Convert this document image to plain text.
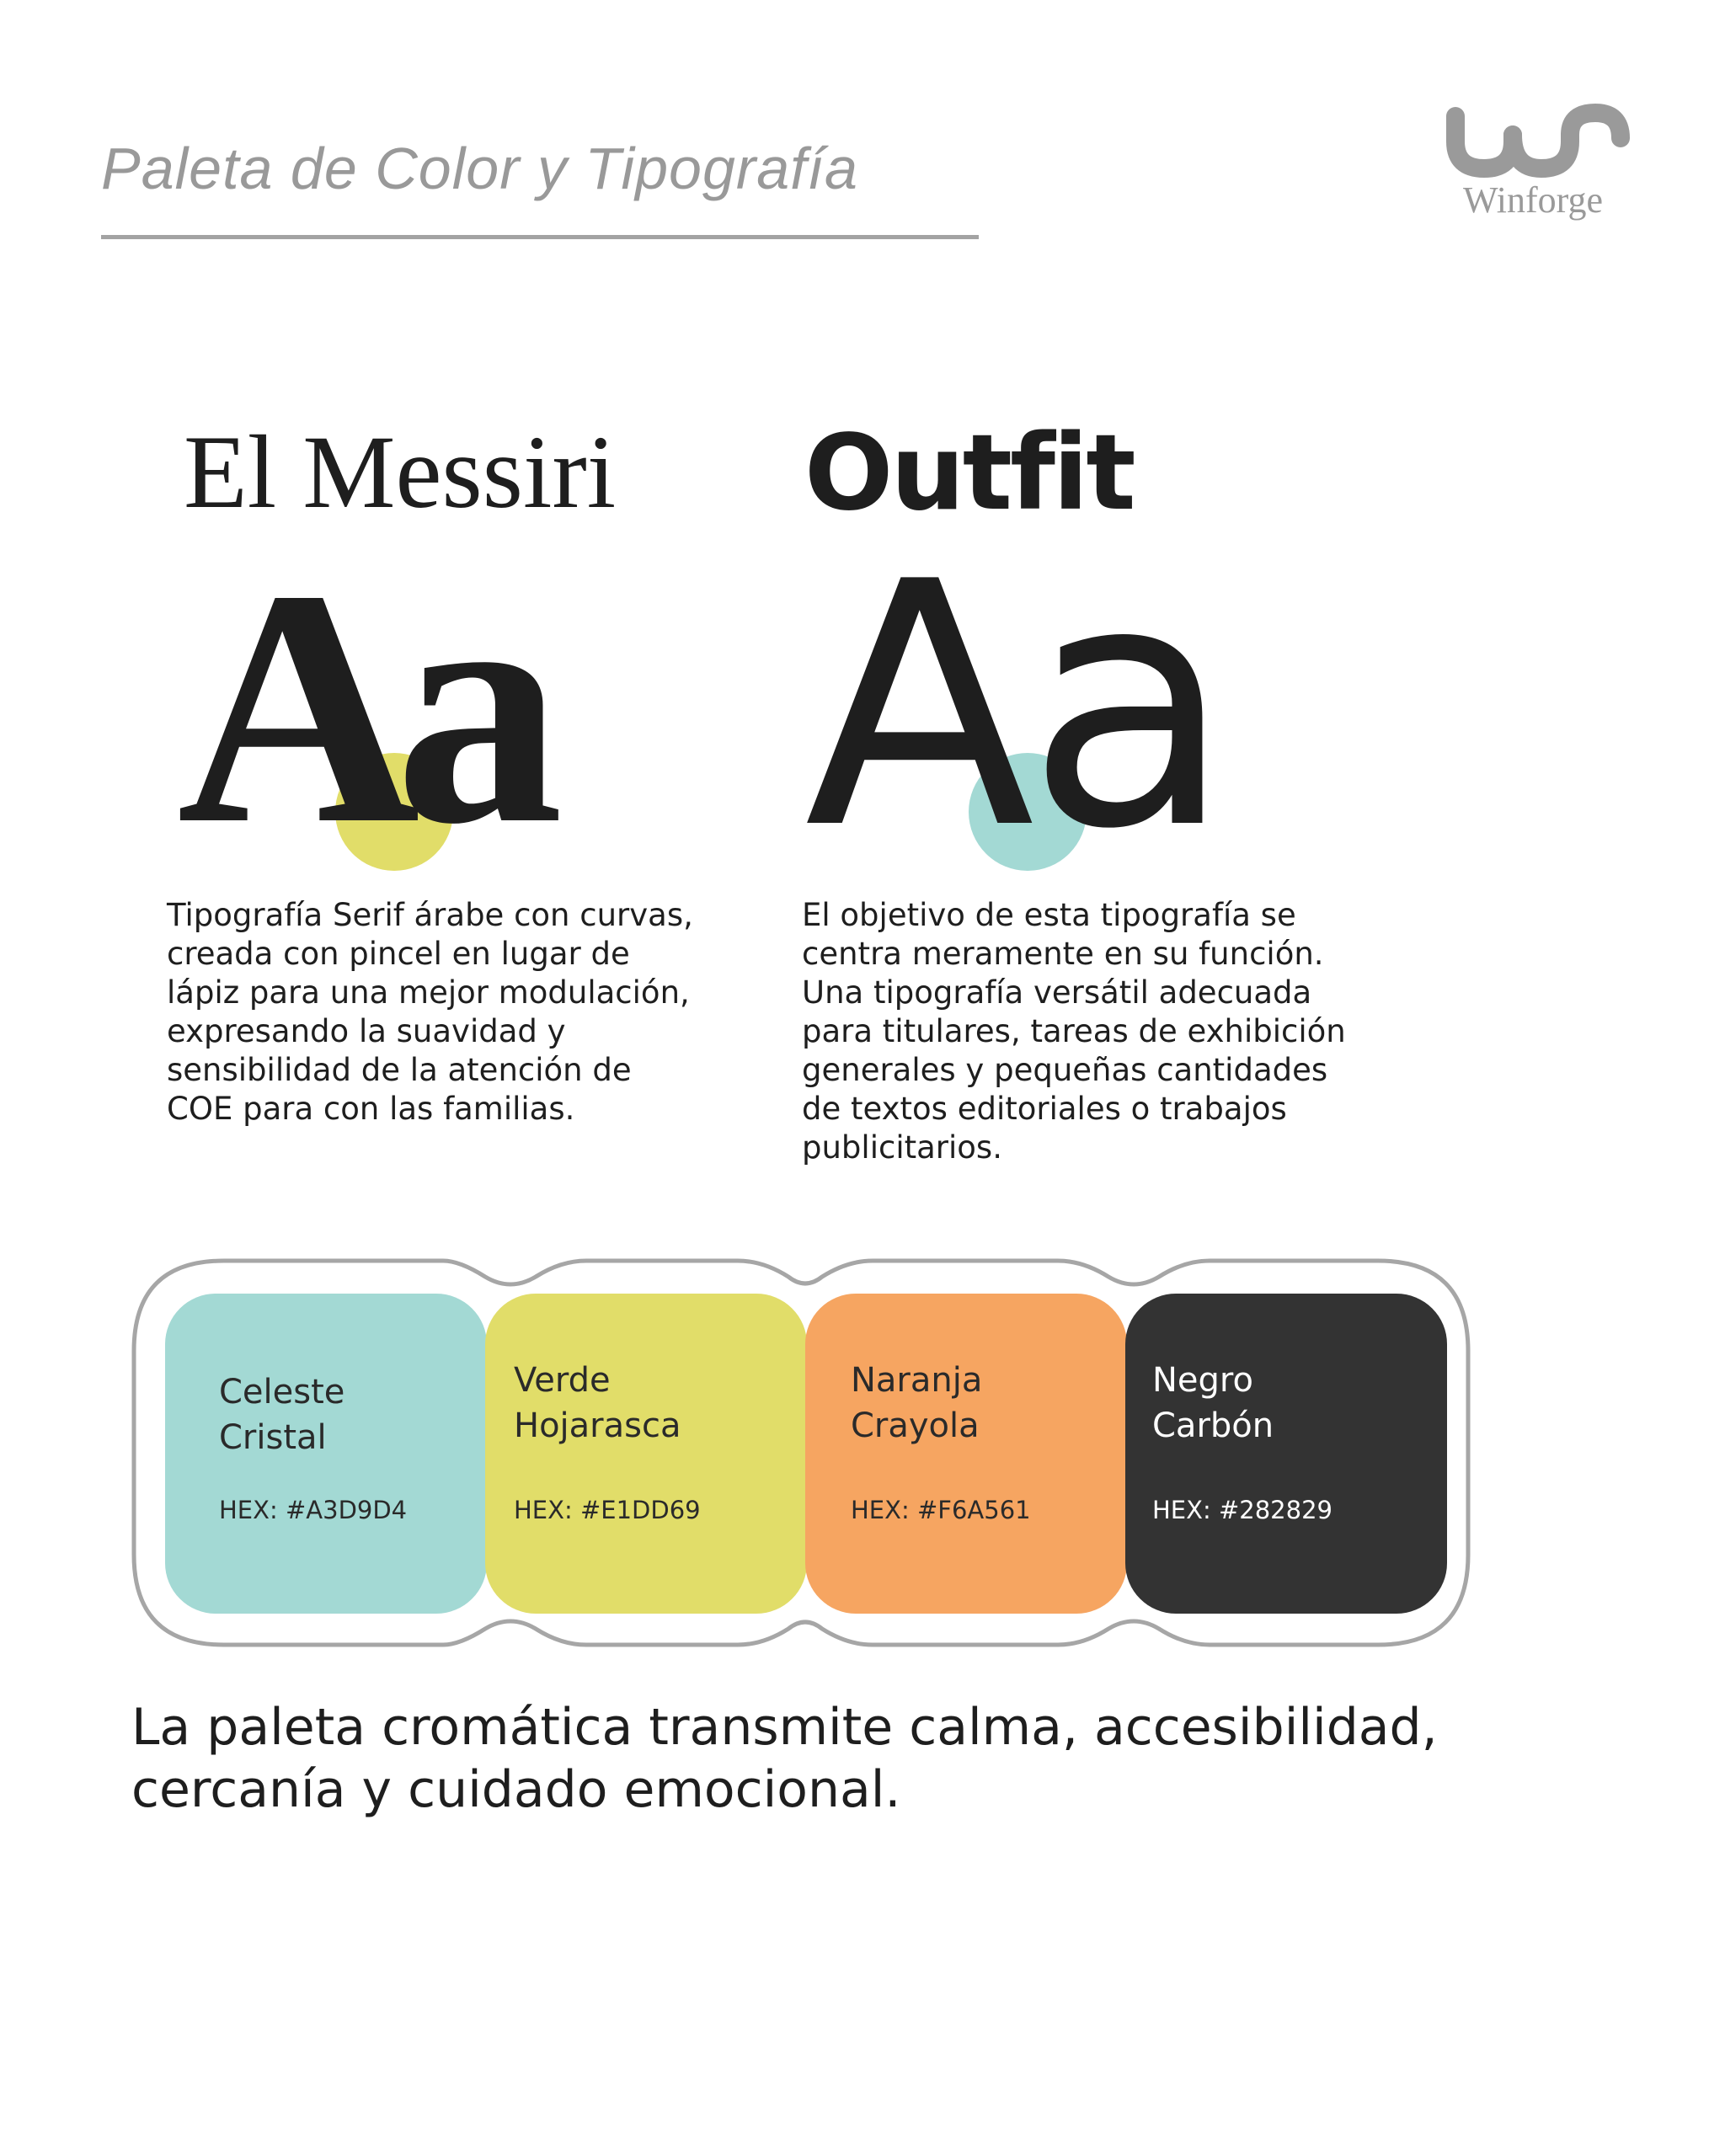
Paleta de Color y Tipografía	Winforge
El Messiri Outfit
Aa Aa
Tipografía Serif árabe con curvas, creada con pincel en lugar de lápiz para una mejor modulación, expresando la suavidad y sensibilidad de la atención de COE para con las familias.
El objetivo de esta tipografía se centra meramente en su función. Una tipografía versátil adecuada para titulares, tareas de exhibición generales y pequeñas cantidades de textos editoriales o trabajos publicitarios.
Celeste
Cristal
HEX: #A3D9D4
Verde
Hojarasca
HEX: #E1DD69
Naranja
Crayola
HEX: #F6A561
Negro
Carbón
HEX: #282829
La paleta cromática transmite calma, accesibilidad, cercanía y cuidado emocional.
